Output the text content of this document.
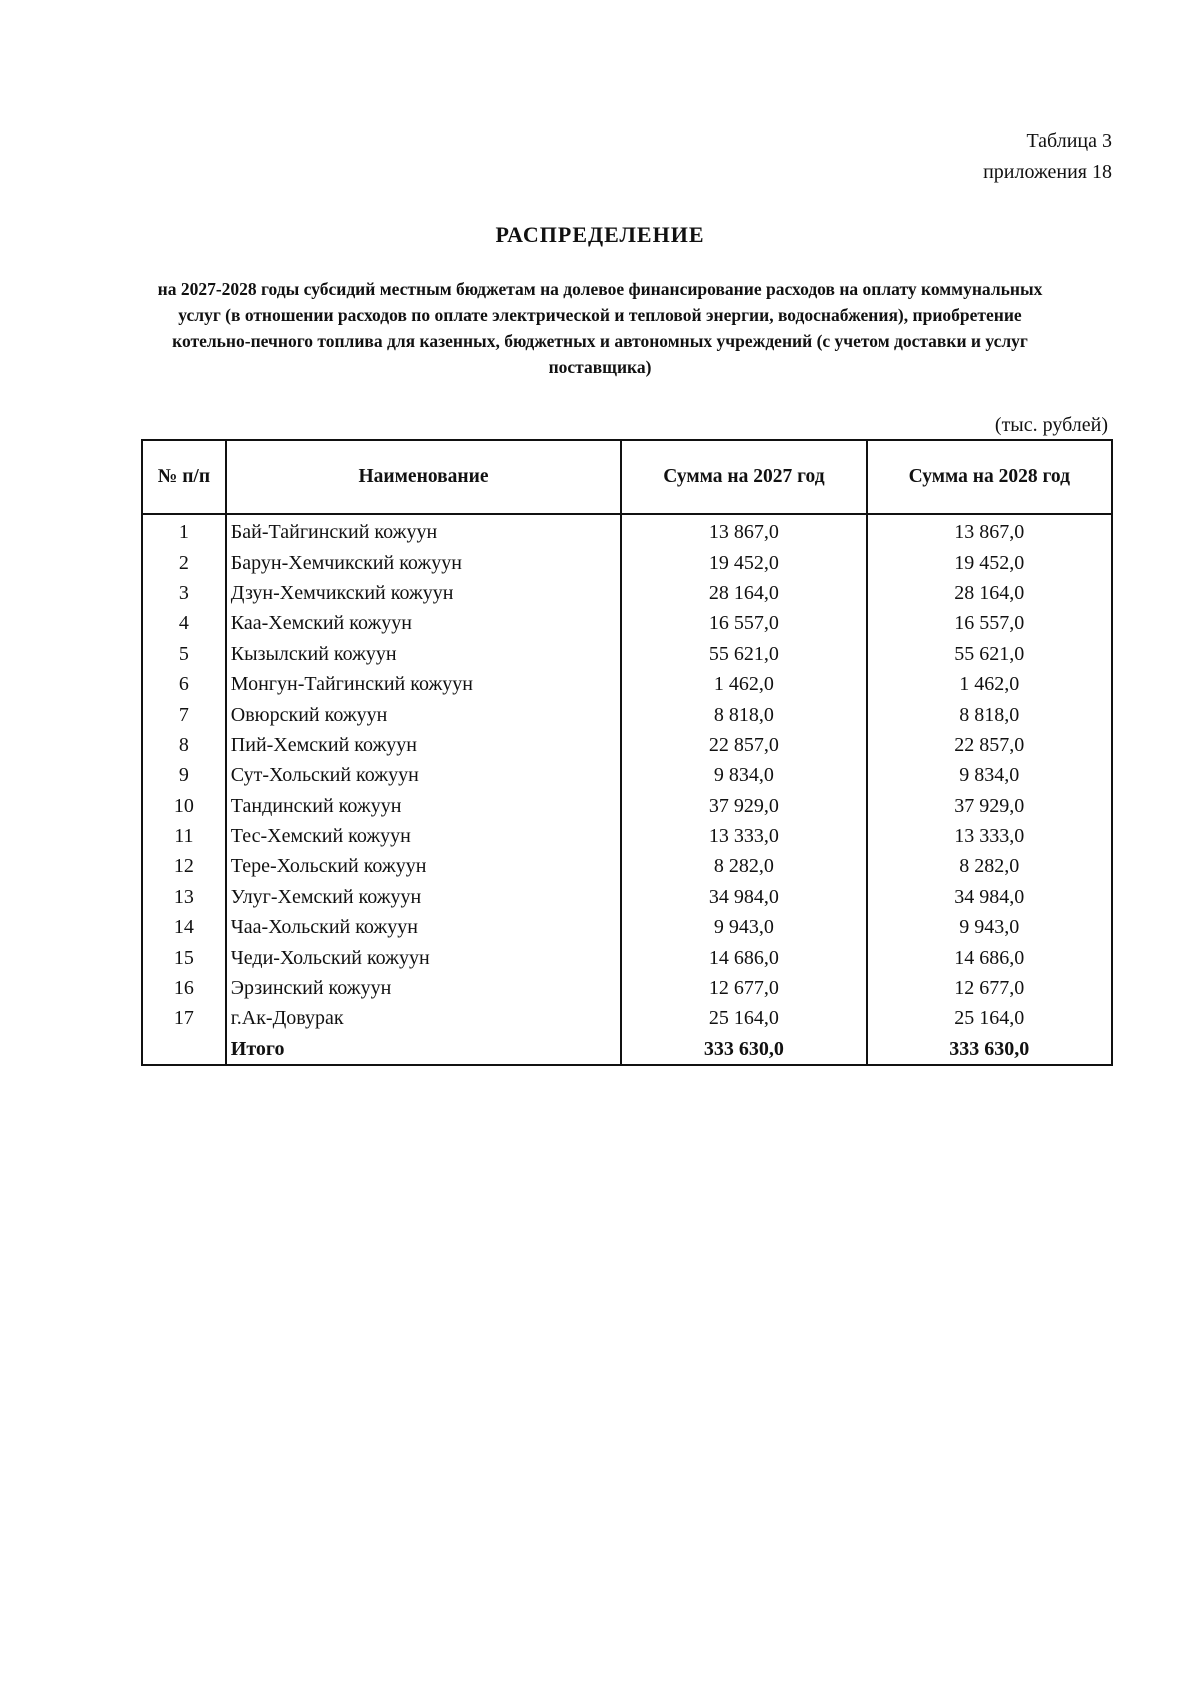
Таблица 3
приложения 18
РАСПРЕДЕЛЕНИЕ
на 2027-2028 годы субсидий местным бюджетам на долевое финансирование расходов на оплату коммунальных услуг (в отношении расходов по оплате электрической и тепловой энергии, водоснабжения), приобретение котельно-печного топлива для казенных, бюджетных и автономных учреждений (с учетом доставки и услуг поставщика)
(тыс. рублей)
№ п/п	Наименование	Сумма на 2027 год	Сумма на 2028 год
1	Бай-Тайгинский кожуун	13 867,0	13 867,0
2	Барун-Хемчикский кожуун	19 452,0	19 452,0
3	Дзун-Хемчикский кожуун	28 164,0	28 164,0
4	Каа-Хемский кожуун	16 557,0	16 557,0
5	Кызылский кожуун	55 621,0	55 621,0
6	Монгун-Тайгинский кожуун	1 462,0	1 462,0
7	Овюрский кожуун	8 818,0	8 818,0
8	Пий-Хемский кожуун	22 857,0	22 857,0
9	Сут-Хольский кожуун	9 834,0	9 834,0
10	Тандинский кожуун	37 929,0	37 929,0
11	Тес-Хемский кожуун	13 333,0	13 333,0
12	Тере-Хольский кожуун	8 282,0	8 282,0
13	Улуг-Хемский кожуун	34 984,0	34 984,0
14	Чаа-Хольский кожуун	9 943,0	9 943,0
15	Чеди-Хольский кожуун	14 686,0	14 686,0
16	Эрзинский кожуун	12 677,0	12 677,0
17	г.Ак-Довурак	25 164,0	25 164,0
	Итого	333 630,0	333 630,0
